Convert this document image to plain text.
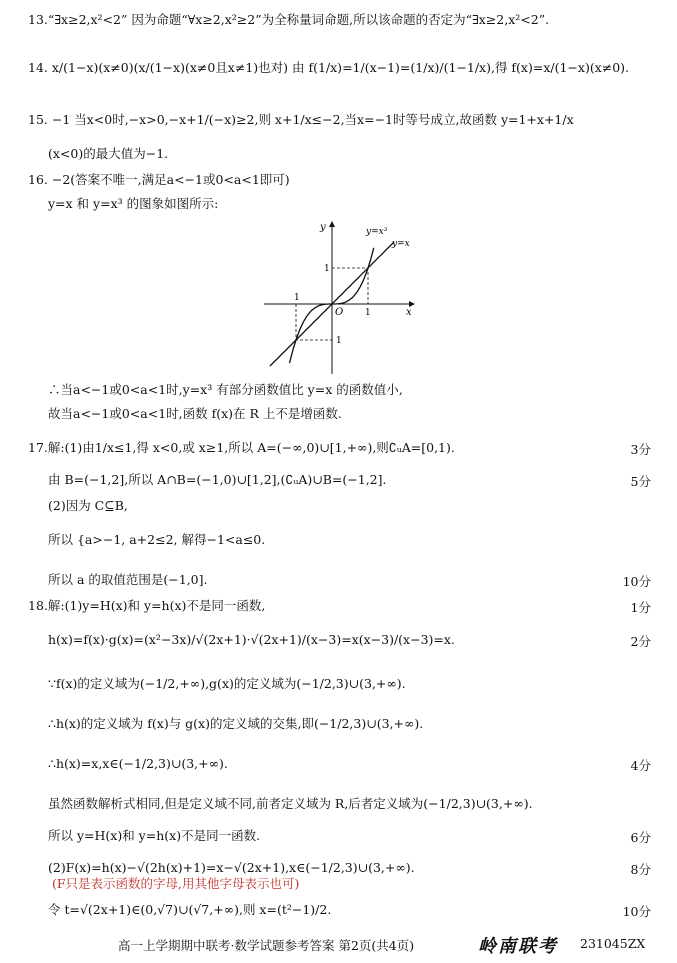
13.“∃x≥2,x²<2” 因为命题“∀x≥2,x²≥2”为全称量词命题,所以该命题的否定为“∃x≥2,x²<2”.
14. x/(1−x)(x≠0)(x/(1−x)(x≠0且x≠1)也对) 由 f(1/x)=1/(x−1)=(1/x)/(1−1/x),得 f(x)=x/(1−x)(x≠0).
15. −1 当x<0时,−x>0,−x+1/(−x)≥2,则 x+1/x≤−2,当x=−1时等号成立,故函数 y=1+x+1/x
(x<0)的最大值为−1.
16. −2(答案不唯一,满足a<−1或0<a<1即可)
y=x 和 y=x³ 的图象如图所示:
∴当a<−1或0<a<1时,y=x³ 有部分函数值比 y=x 的函数值小,
故当a<−1或0<a<1时,函数 f(x)在 R 上不是增函数.
17.解:(1)由1/x≤1,得 x<0,或 x≥1,所以 A=(−∞,0)∪[1,+∞),则∁ᵤA=[0,1).
由 B=(−1,2],所以 A∩B=(−1,0)∪[1,2],(∁ᵤA)∪B=(−1,2].
(2)因为 C⊆B,
所以 {a>−1, a+2≤2, 解得−1<a≤0.
所以 a 的取值范围是(−1,0].
18.解:(1)y=H(x)和 y=h(x)不是同一函数,
h(x)=f(x)·g(x)=(x²−3x)/√(2x+1)·√(2x+1)/(x−3)=x(x−3)/(x−3)=x.
∵f(x)的定义域为(−1/2,+∞),g(x)的定义域为(−1/2,3)∪(3,+∞).
∴h(x)的定义域为 f(x)与 g(x)的定义域的交集,即(−1/2,3)∪(3,+∞).
∴h(x)=x,x∈(−1/2,3)∪(3,+∞).
虽然函数解析式相同,但是定义域不同,前者定义域为 R,后者定义域为(−1/2,3)∪(3,+∞).
所以 y=H(x)和 y=h(x)不是同一函数.
(2)F(x)=h(x)−√(2h(x)+1)=x−√(2x+1),x∈(−1/2,3)∪(3,+∞).
令 t=√(2x+1)∈(0,√7)∪(√7,+∞),则 x=(t²−1)/2.
3分
5分
10分
1分
2分
4分
6分
8分
10分
(F只是表示函数的字母,用其他字母表示也可)
y
x
O
y=x³
y=x
1
1
1
1
高一上学期期中联考·数学试题参考答案 第2页(共4页)	岭南联考 231045ZX
